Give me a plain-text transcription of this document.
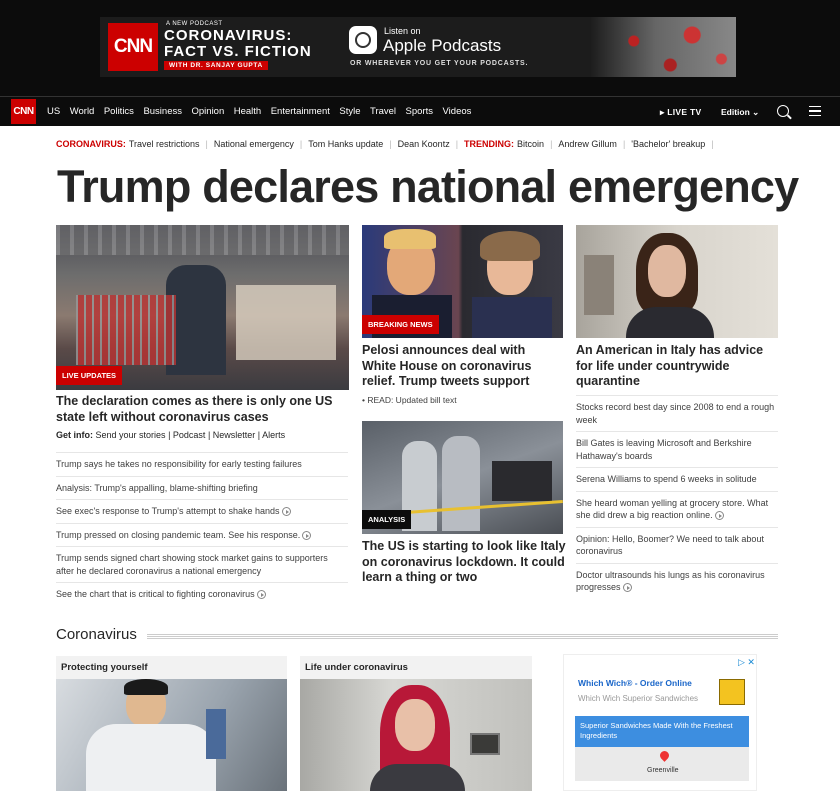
CNN
A NEW PODCAST
CORONAVIRUS:
FACT VS. FICTION
WITH DR. SANJAY GUPTA
Listen on
Apple Podcasts
OR WHEREVER YOU GET YOUR PODCASTS.
CNN US World Politics Business Opinion Health Entertainment Style Travel Sports Videos	▸ LIVE TV Edition ⌄
CORONAVIRUS: Travel restrictions | National emergency | Tom Hanks update | Dean Koontz | TRENDING: Bitcoin | Andrew Gillum | 'Bachelor' breakup |
Trump declares national emergency
LIVE UPDATES
The declaration comes as there is only one US state left without coronavirus cases
Get info: Send your stories | Podcast | Newsletter | Alerts
Trump says he takes no responsibility for early testing failures
Analysis: Trump's appalling, blame-shifting briefing
See exec's response to Trump's attempt to shake hands
Trump pressed on closing pandemic team. See his response.
Trump sends signed chart showing stock market gains to supporters after he declared coronavirus a national emergency
See the chart that is critical to fighting coronavirus
BREAKING NEWS
Pelosi announces deal with White House on coronavirus relief. Trump tweets support
• READ: Updated bill text
ANALYSIS
The US is starting to look like Italy on coronavirus lockdown. It could learn a thing or two
An American in Italy has advice for life under countrywide quarantine
Stocks record best day since 2008 to end a rough week
Bill Gates is leaving Microsoft and Berkshire Hathaway's boards
Serena Williams to spend 6 weeks in solitude
She heard woman yelling at grocery store. What she did drew a big reaction online.
Opinion: Hello, Boomer? We need to talk about coronavirus
Doctor ultrasounds his lungs as his coronavirus progresses
Coronavirus
Protecting yourself	Life under coronavirus	▷ ✕
Which Wich® - Order Online
Which Wich Superior Sandwiches
Superior Sandwiches Made With the Freshest Ingredients
Greenville
